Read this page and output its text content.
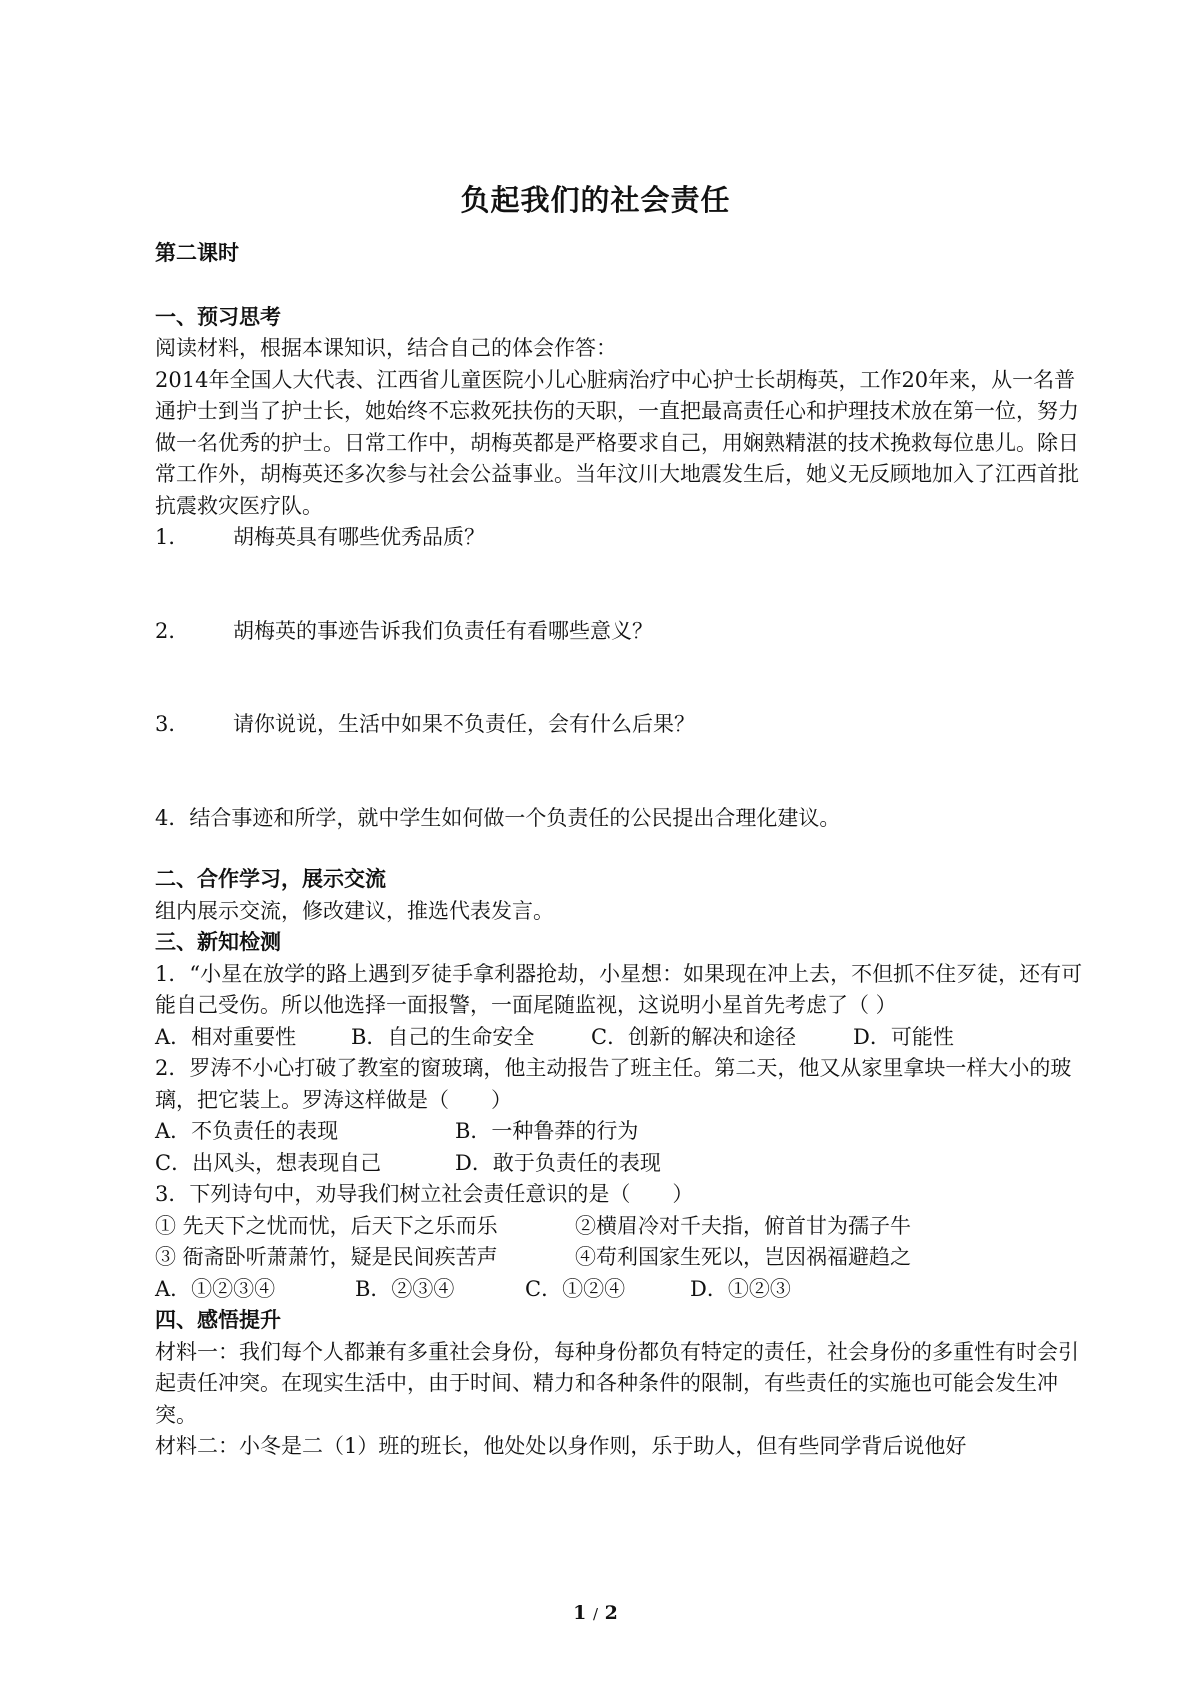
负起我们的社会责任

第二课时

一、预习思考

阅读材料，根据本课知识，结合自己的体会作答：

2014年全国人大代表、江西省儿童医院小儿心脏病治疗中心护士长胡梅英，工作20年来，从一名普通护士到当了护士长，她始终不忘救死扶伤的天职，一直把最高责任心和护理技术放在第一位，努力做一名优秀的护士。日常工作中，胡梅英都是严格要求自己，用娴熟精湛的技术挽救每位患儿。除日常工作外，胡梅英还多次参与社会公益事业。当年汶川大地震发生后，她义无反顾地加入了江西首批抗震救灾医疗队。

1． 胡梅英具有哪些优秀品质？

2． 胡梅英的事迹告诉我们负责任有看哪些意义？

3． 请你说说，生活中如果不负责任，会有什么后果？

4．结合事迹和所学，就中学生如何做一个负责任的公民提出合理化建议。

二、合作学习，展示交流

组内展示交流，修改建议，推选代表发言。

三、新知检测

1．“小星在放学的路上遇到歹徒手拿利器抢劫，小星想：如果现在冲上去，不但抓不住歹徒，还有可能自己受伤。所以他选择一面报警，一面尾随监视，这说明小星首先考虑了（ ）

A．相对重要性	B．自己的生命安全	C．创新的解决和途径	D．可能性

2．罗涛不小心打破了教室的窗玻璃，他主动报告了班主任。第二天，他又从家里拿块一样大小的玻璃，把它装上。罗涛这样做是（　　）

A．不负责任的表现	B．一种鲁莽的行为

C．出风头，想表现自己	D．敢于负责任的表现

3．下列诗句中，劝导我们树立社会责任意识的是（　　）

① 先天下之忧而忧，后天下之乐而乐	②横眉冷对千夫指，俯首甘为孺子牛

③ 衙斋卧听萧萧竹，疑是民间疾苦声	④苟利国家生死以，岂因祸福避趋之

A．①②③④	B．②③④	C．①②④	D．①②③

四、感悟提升

材料一：我们每个人都兼有多重社会身份，每种身份都负有特定的责任，社会身份的多重性有时会引起责任冲突。在现实生活中，由于时间、精力和各种条件的限制，有些责任的实施也可能会发生冲突。

材料二：小冬是二（1）班的班长，他处处以身作则，乐于助人，但有些同学背后说他好

1 / 2
